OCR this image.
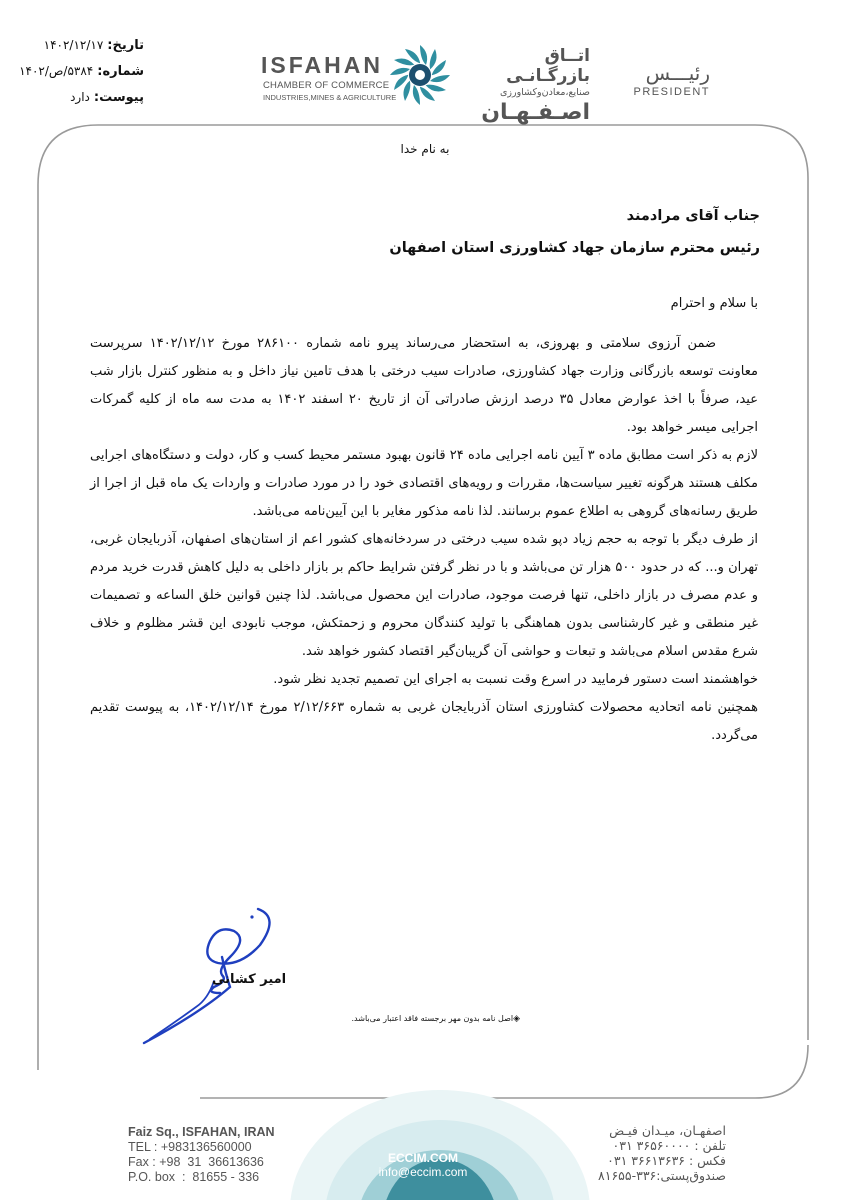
تاریخ:
۱۴۰۲/۱۲/۱۷
شماره:
۵۳۸۴/ص/۱۴۰۲
پیوست:
دارد
ISFAHAN
CHAMBER OF COMMERCE
INDUSTRIES,MINES & AGRICULTURE
اتــاق بازرگـانـی
صنایع،معادن‌وکشاورزی
اصـفـهـان
رئیـــس
PRESIDENT
به نام خدا
جناب آقای مرادمند
رئیس محترم سازمان جهاد کشاورزی استان اصفهان

با سلام و احترام

ضمن آرزوی سلامتی و بهروزی، به استحضار می‌رساند پیرو نامه شماره ۲۸۶۱۰۰ مورخ ۱۴۰۲/۱۲/۱۲ سرپرست معاونت توسعه بازرگانی وزارت جهاد کشاورزی، صادرات سیب درختی با هدف تامین نیاز داخل و به منظور کنترل بازار شب عید، صرفاً با اخذ عوارض معادل ۳۵ درصد ارزش صادراتی آن از تاریخ ۲۰ اسفند ۱۴۰۲ به مدت سه ماه از کلیه گمرکات اجرایی میسر خواهد بود.

لازم به ذکر است مطابق ماده ۳ آیین نامه اجرایی ماده ۲۴ قانون بهبود مستمر محیط کسب و کار، دولت و دستگاه‌های اجرایی مکلف هستند هرگونه تغییر سیاست‌ها، مقررات و رویه‌های اقتصادی خود را در مورد صادرات و واردات یک ماه قبل از اجرا از طریق رسانه‌های گروهی به اطلاع عموم برسانند. لذا نامه مذکور مغایر با این آیین‌نامه می‌باشد.

از طرف دیگر با توجه به حجم زیاد دپو شده سیب درختی در سردخانه‌های کشور اعم از استان‌های اصفهان، آذربایجان غربی، تهران و... که در حدود ۵۰۰ هزار تن می‌باشد و با در نظر گرفتن شرایط حاکم بر بازار داخلی به دلیل کاهش قدرت خرید مردم و عدم مصرف در بازار داخلی، تنها فرصت موجود، صادرات این محصول می‌باشد. لذا چنین قوانین خلق الساعه و تصمیمات غیر منطقی و غیر کارشناسی بدون هماهنگی با تولید کنندگان محروم و زحمتکش، موجب نابودی این قشر مظلوم و خلاف شرع مقدس اسلام می‌باشد و تبعات و حواشی آن گریبان‌گیر اقتصاد کشور خواهد شد.

خواهشمند است دستور فرمایید در اسرع وقت نسبت به اجرای این تصمیم تجدید نظر شود.

همچنین نامه اتحادیه محصولات کشاورزی استان آذربایجان غربی به شماره ۲/۱۲/۶۶۳ مورخ ۱۴۰۲/۱۲/۱۴، به پیوست تقدیم می‌گردد.

امیر کشانی
◈اصل نامه بدون مهر برجسته فاقد اعتبار می‌باشد.
Faiz Sq., ISFAHAN, IRAN
TEL : +983136560000
Fax : +98  31  36613636
P.O. box  :  81655 - 336
ECCIM.COM
info@eccim.com
اصفهـان، میـدان فیـض
تلفن : ۳۶۵۶۰۰۰۰ ۰۳۱
فکس : ۳۶۶۱۳۶۳۶ ۰۳۱
صندوق‌پستی:۳۳۶-۸۱۶۵۵
